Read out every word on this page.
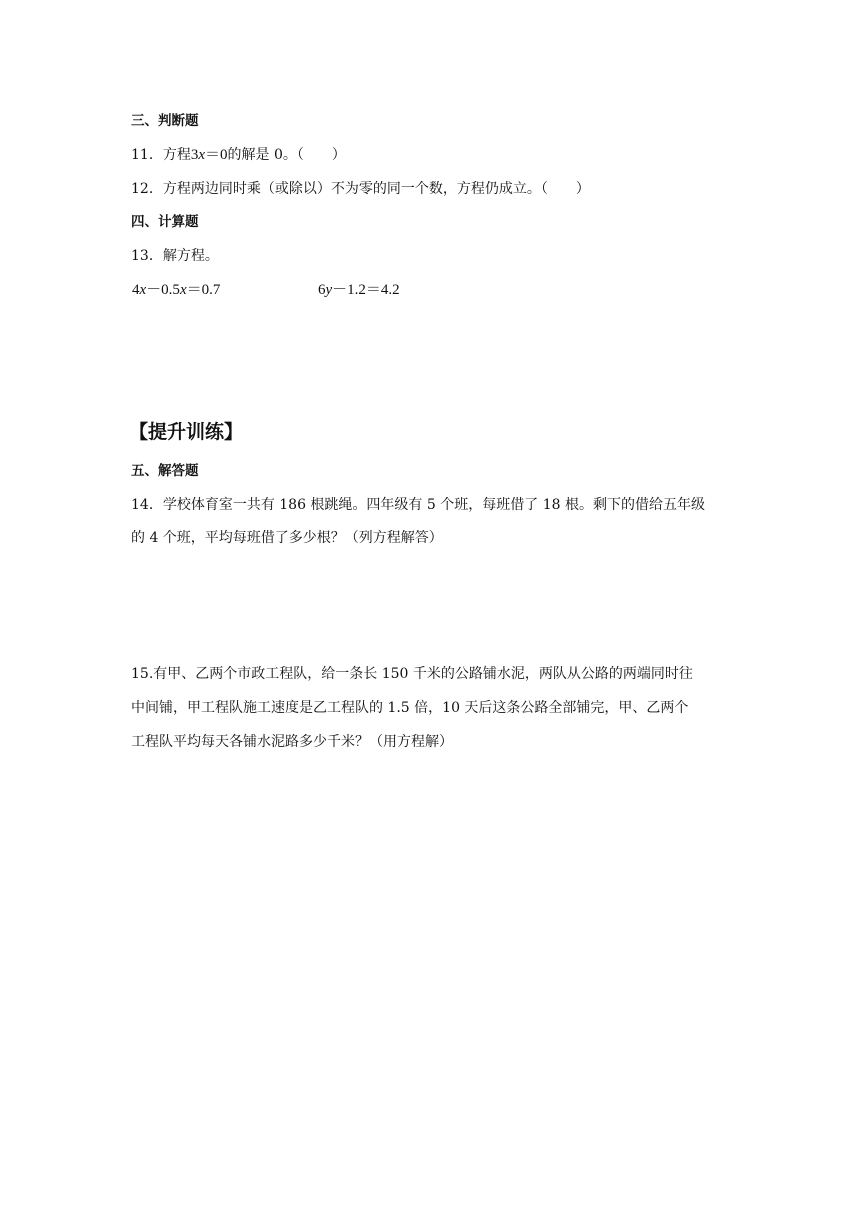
三、判断题
11．方程3x＝0的解是 0。（　　）
12．方程两边同时乘（或除以）不为零的同一个数，方程仍成立。（　　）
四、计算题
13．解方程。
4x－0.5x＝0.7	6y－1.2＝4.2
【提升训练】
五、解答题
14．学校体育室一共有 186 根跳绳。四年级有 5 个班，每班借了 18 根。剩下的借给五年级
的 4 个班，平均每班借了多少根？（列方程解答）
15.有甲、乙两个市政工程队，给一条长 150 千米的公路铺水泥，两队从公路的两端同时往
中间铺，甲工程队施工速度是乙工程队的 1.5 倍，10 天后这条公路全部铺完，甲、乙两个
工程队平均每天各铺水泥路多少千米？（用方程解）
